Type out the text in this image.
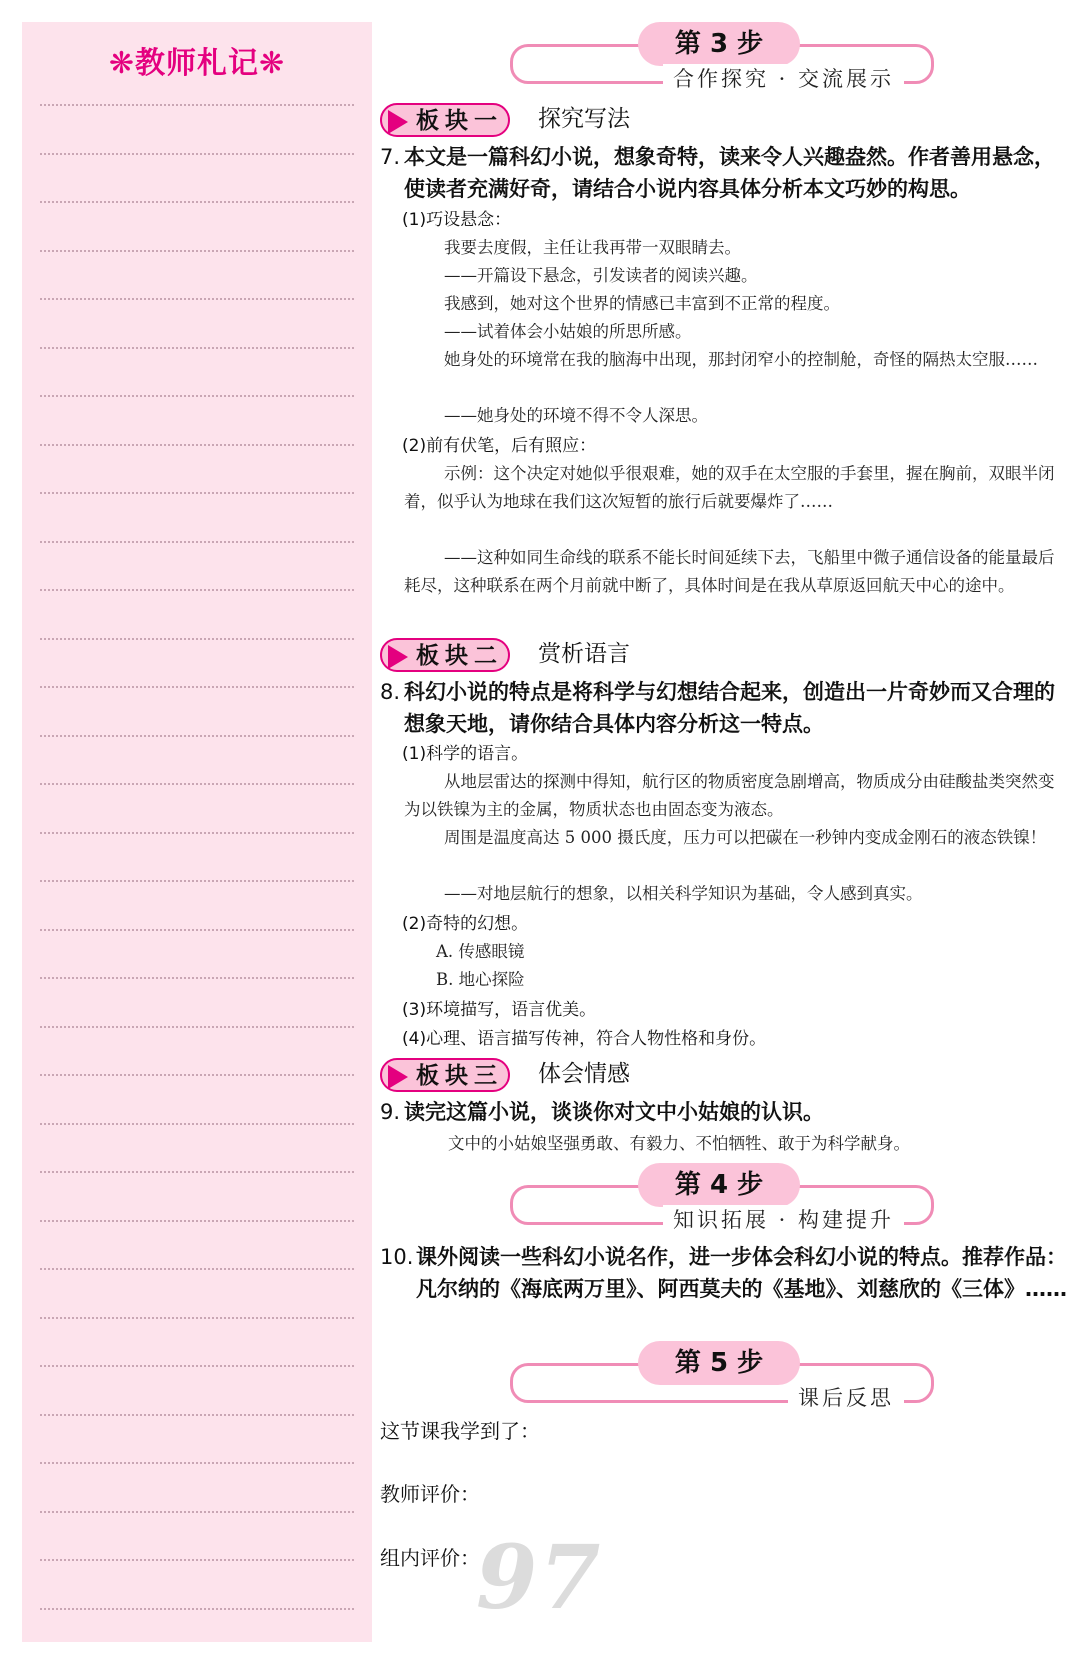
❋教师札记❋
第 3 步
合作探究 · 交流展示
板块一 探究写法
7. 本文是一篇科幻小说，想象奇特，读来令人兴趣盎然。作者善用悬念，使读者充满好奇，请结合小说内容具体分析本文巧妙的构思。
(1)巧设悬念：
我要去度假，主任让我再带一双眼睛去。
——开篇设下悬念，引发读者的阅读兴趣。
我感到，她对这个世界的情感已丰富到不正常的程度。
——试着体会小姑娘的所思所感。
她身处的环境常在我的脑海中出现，那封闭窄小的控制舱，奇怪的隔热太空服……
——她身处的环境不得不令人深思。
(2)前有伏笔，后有照应：
示例：这个决定对她似乎很艰难，她的双手在太空服的手套里，握在胸前，双眼半闭着，似乎认为地球在我们这次短暂的旅行后就要爆炸了……
——这种如同生命线的联系不能长时间延续下去，飞船里中微子通信设备的能量最后耗尽，这种联系在两个月前就中断了，具体时间是在我从草原返回航天中心的途中。
板块二 赏析语言
8. 科幻小说的特点是将科学与幻想结合起来，创造出一片奇妙而又合理的想象天地，请你结合具体内容分析这一特点。
(1)科学的语言。
从地层雷达的探测中得知，航行区的物质密度急剧增高，物质成分由硅酸盐类突然变为以铁镍为主的金属，物质状态也由固态变为液态。
周围是温度高达 5 000 摄氏度，压力可以把碳在一秒钟内变成金刚石的液态铁镍！
——对地层航行的想象，以相关科学知识为基础，令人感到真实。
(2)奇特的幻想。
A. 传感眼镜
B. 地心探险
(3)环境描写，语言优美。
(4)心理、语言描写传神，符合人物性格和身份。
板块三 体会情感
9. 读完这篇小说，谈谈你对文中小姑娘的认识。
文中的小姑娘坚强勇敢、有毅力、不怕牺牲、敢于为科学献身。
第 4 步
知识拓展 · 构建提升
10. 课外阅读一些科幻小说名作，进一步体会科幻小说的特点。推荐作品：凡尔纳的《海底两万里》、阿西莫夫的《基地》、刘慈欣的《三体》……
第 5 步
课后反思
这节课我学到了：
教师评价：
组内评价：
97
